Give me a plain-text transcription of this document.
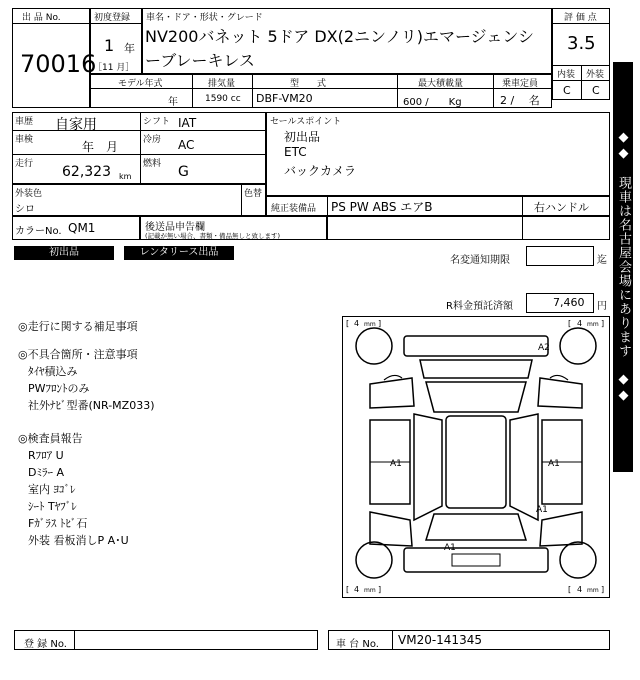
出 品 No.
70016
初度登録
1 年
［11 月］
車名・ドア・形状・グレード
NV200バネット 5ドア DX(2ニンノリ)エマージェンシ
ーブレーキレス
評 価 点
3.5
内装 外装
C C
モデル年式
年
排気量
1590 cc
型　　式
DBF-VM20
最大積載量
600 /　　Kg
乗車定員
2 /　 名
車歴 自家用	シフト IAT
車検	年　月	冷房 AC
走行 62,323 km
燃料 G
外装色
シロ
色替
カラーNo. QM1	後送品申告欄
(記載が無い場合、書類・備品無しと致します)
セールスポイント
初出品
ETC
バックカメラ
純正装備品 PS PW ABS エアB	右ハンドル
初出品	レンタリース出品
名変通知期限	迄
R料金預託済額	7,460 円
◎走行に関する補足事項
◎不具合箇所・注意事項
ﾀｲﾔ積込み
PWﾌﾛﾝﾄのみ
社外ﾅﾋﾞ型番(NR-MZ033)
◎検査員報告
Rﾌﾛｱ U
Dﾐﾗｰ A
室内 ﾖｺﾞﾚ
ｼｰﾄ Tﾔﾌﾞﾚ
Fｶﾞﾗｽ ﾄﾋﾞ石
外装 看板消しP A･U
[ 4 mm ]	[ 4 mm ]
[ 4 mm ]	[ 4 mm ]
A2
A1	A1
A1
A1
◆◆　現車は名古屋会場にあります　◆◆
登 録 No.	車 台 No. VM20-141345
